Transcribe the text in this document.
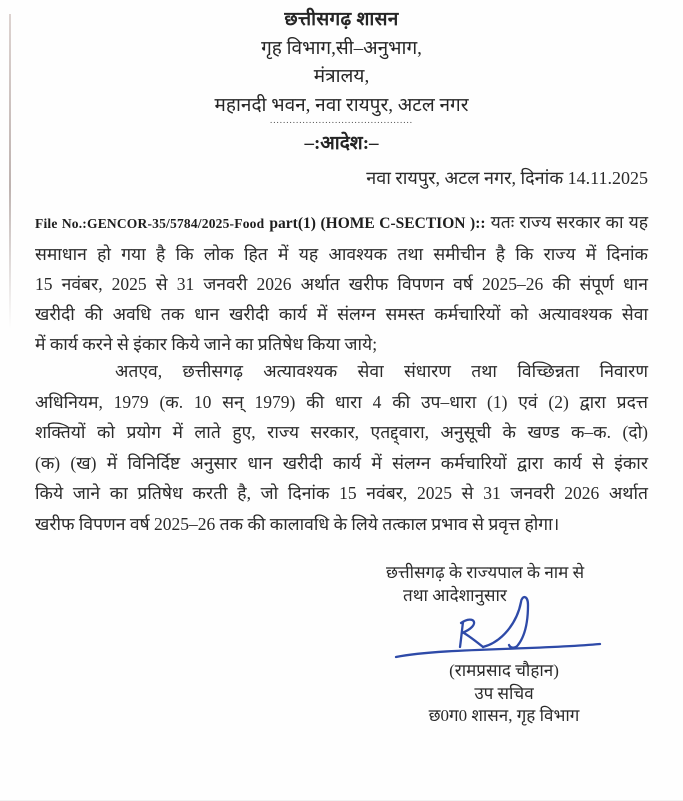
छत्तीसगढ़ शासन
गृह विभाग,सी–अनुभाग,
मंत्रालय,
महानदी भवन, नवा रायपुर, अटल नगर
............................................
–:आदेश:–
नवा रायपुर, अटल नगर, दिनांक 14.11.2025
File No.:GENCOR-35/5784/2025-Food part(1) (HOME C-SECTION ):: यतः राज्य सरकार का यह
समाधान हो गया है कि लोक हित में यह आवश्यक तथा समीचीन है कि राज्य में दिनांक
15 नवंबर, 2025 से 31 जनवरी 2026 अर्थात खरीफ विपणन वर्ष 2025–26 की संपूर्ण धान
खरीदी की अवधि तक धान खरीदी कार्य में संलग्न समस्त कर्मचारियों को अत्यावश्यक सेवा
में कार्य करने से इंकार किये जाने का प्रतिषेध किया जाये;
अतएव, छत्तीसगढ़ अत्यावश्यक सेवा संधारण तथा विच्छिन्नता निवारण
अधिनियम, 1979 (क. 10 सन् 1979) की धारा 4 की उप–धारा (1) एवं (2) द्वारा प्रदत्त
शक्तियों को प्रयोग में लाते हुए, राज्य सरकार, एतद्द्वारा, अनुसूची के खण्ड क–क. (दो)
(क) (ख) में विनिर्दिष्ट अनुसार धान खरीदी कार्य में संलग्न कर्मचारियों द्वारा कार्य से इंकार
किये जाने का प्रतिषेध करती है, जो दिनांक 15 नवंबर, 2025 से 31 जनवरी 2026 अर्थात
खरीफ विपणन वर्ष 2025–26 तक की कालावधि के लिये तत्काल प्रभाव से प्रवृत्त होगा।
छत्तीसगढ़ के राज्यपाल के नाम से
तथा आदेशानुसार
(रामप्रसाद चौहान)
उप सचिव
छ0ग0 शासन, गृह विभाग
